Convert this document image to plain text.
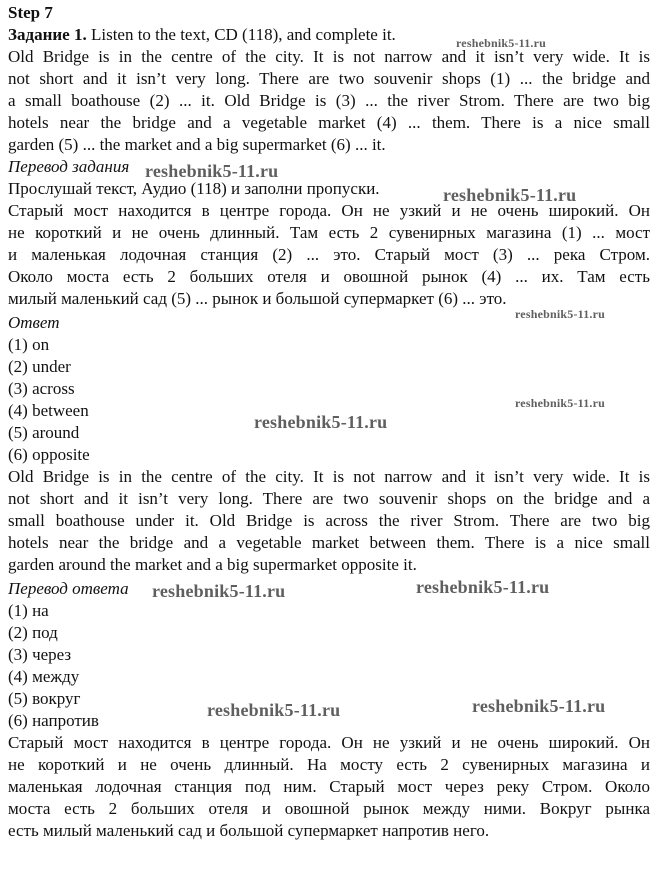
Step 7
Задание 1. Listen to the text, CD (118), and complete it.
Old Bridge is in the centre of the city. It is not narrow and it isn’t very wide. It is
not short and it isn’t very long. There are two souvenir shops (1) ... the bridge and
a small boathouse (2) ... it. Old Bridge is (3) ... the river Strom. There are two big
hotels near the bridge and a vegetable market (4) ... them. There is a nice small
garden (5) ... the market and a big supermarket (6) ... it.
Перевод задания
Прослушай текст, Аудио (118) и заполни пропуски.
Старый мост находится в центре города. Он не узкий и не очень широкий. Он
не короткий и не очень длинный. Там есть 2 сувенирных магазина (1) ... мост
и маленькая лодочная станция (2) ... это. Старый мост (3) ... река Стром.
Около моста есть 2 больших отеля и овошной рынок (4) ... их. Там есть
милый маленький сад (5) ... рынок и большой супермаркет (6) ... это.
Ответ
(1) on
(2) under
(3) across
(4) between
(5) around
(6) opposite
Old Bridge is in the centre of the city. It is not narrow and it isn’t very wide. It is
not short and it isn’t very long. There are two souvenir shops on the bridge and a
small boathouse under it. Old Bridge is across the river Strom. There are two big
hotels near the bridge and a vegetable market between them. There is a nice small
garden around the market and a big supermarket opposite it.
Перевод ответа
(1) на
(2) под
(3) через
(4) между
(5) вокруг
(6) напротив
Старый мост находится в центре города. Он не узкий и не очень широкий. Он
не короткий и не очень длинный. На мосту есть 2 сувенирных магазина и
маленькая лодочная станция под ним. Старый мост через реку Стром. Около
моста есть 2 больших отеля и овошной рынок между ними. Вокруг рынка
есть милый маленький сад и большой супермаркет напротив него.
reshebnik5-11.ru
reshebnik5-11.ru
reshebnik5-11.ru
reshebnik5-11.ru
reshebnik5-11.ru
reshebnik5-11.ru
reshebnik5-11.ru	reshebnik5-11.ru
reshebnik5-11.ru	reshebnik5-11.ru
